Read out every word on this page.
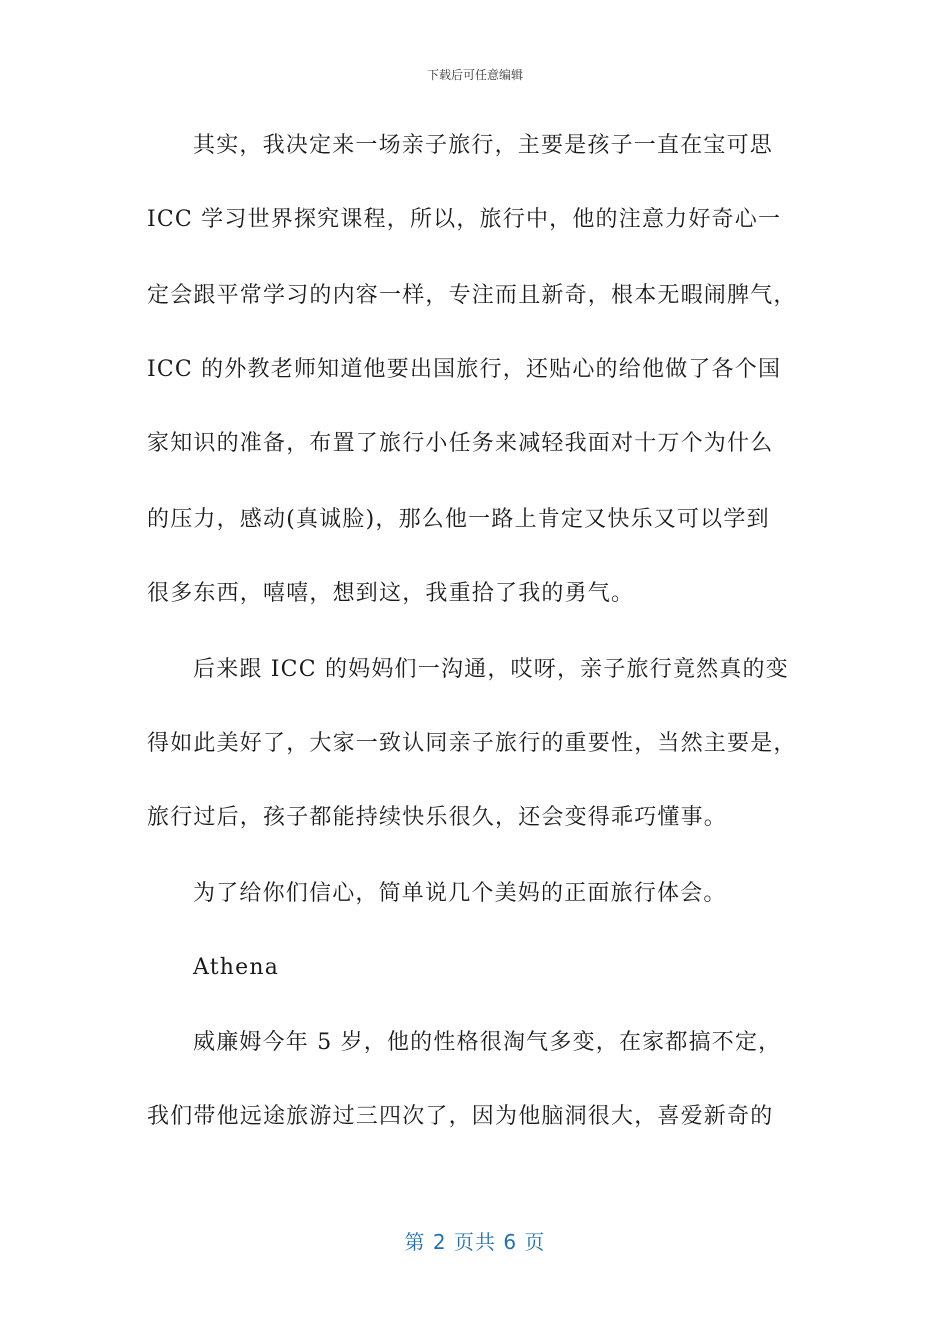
下载后可任意编辑
其实，我决定来一场亲子旅行，主要是孩子一直在宝可思
ICC 学习世界探究课程，所以，旅行中，他的注意力好奇心一
定会跟平常学习的内容一样，专注而且新奇，根本无暇闹脾气，
ICC 的外教老师知道他要出国旅行，还贴心的给他做了各个国
家知识的准备，布置了旅行小任务来减轻我面对十万个为什么
的压力，感动(真诚脸)，那么他一路上肯定又快乐又可以学到
很多东西，嘻嘻，想到这，我重拾了我的勇气。
后来跟 ICC 的妈妈们一沟通，哎呀，亲子旅行竟然真的变
得如此美好了，大家一致认同亲子旅行的重要性，当然主要是，
旅行过后，孩子都能持续快乐很久，还会变得乖巧懂事。
为了给你们信心，简单说几个美妈的正面旅行体会。
Athena
威廉姆今年 5 岁，他的性格很淘气多变，在家都搞不定，
我们带他远途旅游过三四次了，因为他脑洞很大，喜爱新奇的
第 2 页共 6 页
